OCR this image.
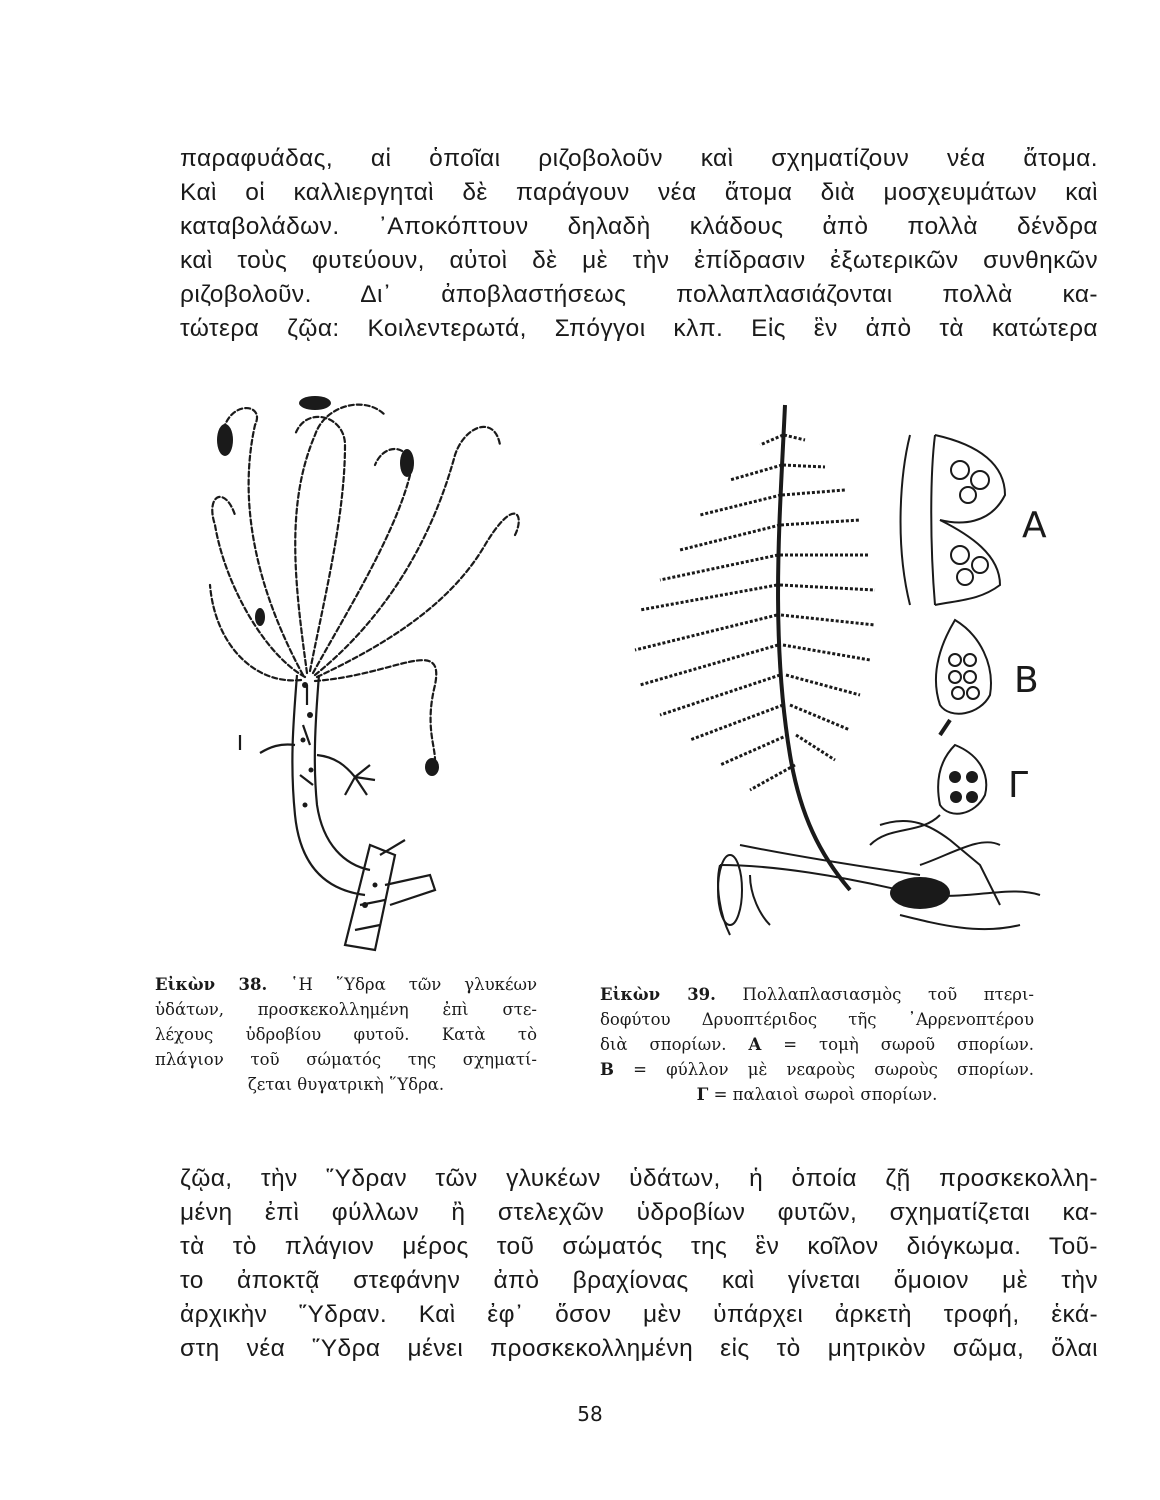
παραφυάδας, αἱ ὁποῖαι ριζοβολοῦν καὶ σχηματίζουν νέα ἄτομα.
Καὶ οἱ καλλιεργηταὶ δὲ παράγουν νέα ἄτομα διὰ μοσχευμάτων καὶ
καταβολάδων. ᾿Αποκόπτουν δηλαδὴ κλάδους ἀπὸ πολλὰ δένδρα
καὶ τοὺς φυτεύουν, αὐτοὶ δὲ μὲ τὴν ἐπίδρασιν ἐξωτερικῶν συνθηκῶν
ριζοβολοῦν. Δι᾿ ἀποβλαστήσεως πολλαπλασιάζονται πολλὰ κα-
τώτερα ζῷα: Κοιλεντερωτά, Σπόγγοι κλπ. Εἰς ἓν ἀπὸ τὰ κατώτερα
A
B
Γ
Εἰκὼν 38. ῾Η ῞Υδρα τῶν γλυκέων
ὑδάτων, προσκεκολλημένη ἐπὶ στε-
λέχους ὑδροβίου φυτοῦ. Κατὰ τὸ
πλάγιον τοῦ σώματός της σχηματί-
ζεται θυγατρικὴ ῞Υδρα.
Εἰκὼν 39. Πολλαπλασιασμὸς τοῦ πτερι-
δοφύτου Δρυοπτέριδος τῆς ᾿Αρρενοπτέρου
διὰ σπορίων. A = τομὴ σωροῦ σπορίων.
B = φύλλον μὲ νεαροὺς σωροὺς σπορίων.
Γ = παλαιοὶ σωροὶ σπορίων.
ζῷα, τὴν ῞Υδραν τῶν γλυκέων ὑδάτων, ἡ ὁποία ζῇ προσκεκολλη-
μένη ἐπὶ φύλλων ἢ στελεχῶν ὑδροβίων φυτῶν, σχηματίζεται κα-
τὰ τὸ πλάγιον μέρος τοῦ σώματός της ἓν κοῖλον διόγκωμα. Τοῦ-
το ἀποκτᾷ στεφάνην ἀπὸ βραχίονας καὶ γίνεται ὅμοιον μὲ τὴν
ἀρχικὴν ῞Υδραν. Καὶ ἐφ᾿ ὅσον μὲν ὑπάρχει ἀρκετὴ τροφή, ἑκά-
στη νέα ῞Υδρα μένει προσκεκολλημένη εἰς τὸ μητρικὸν σῶμα, ὅλαι
58
